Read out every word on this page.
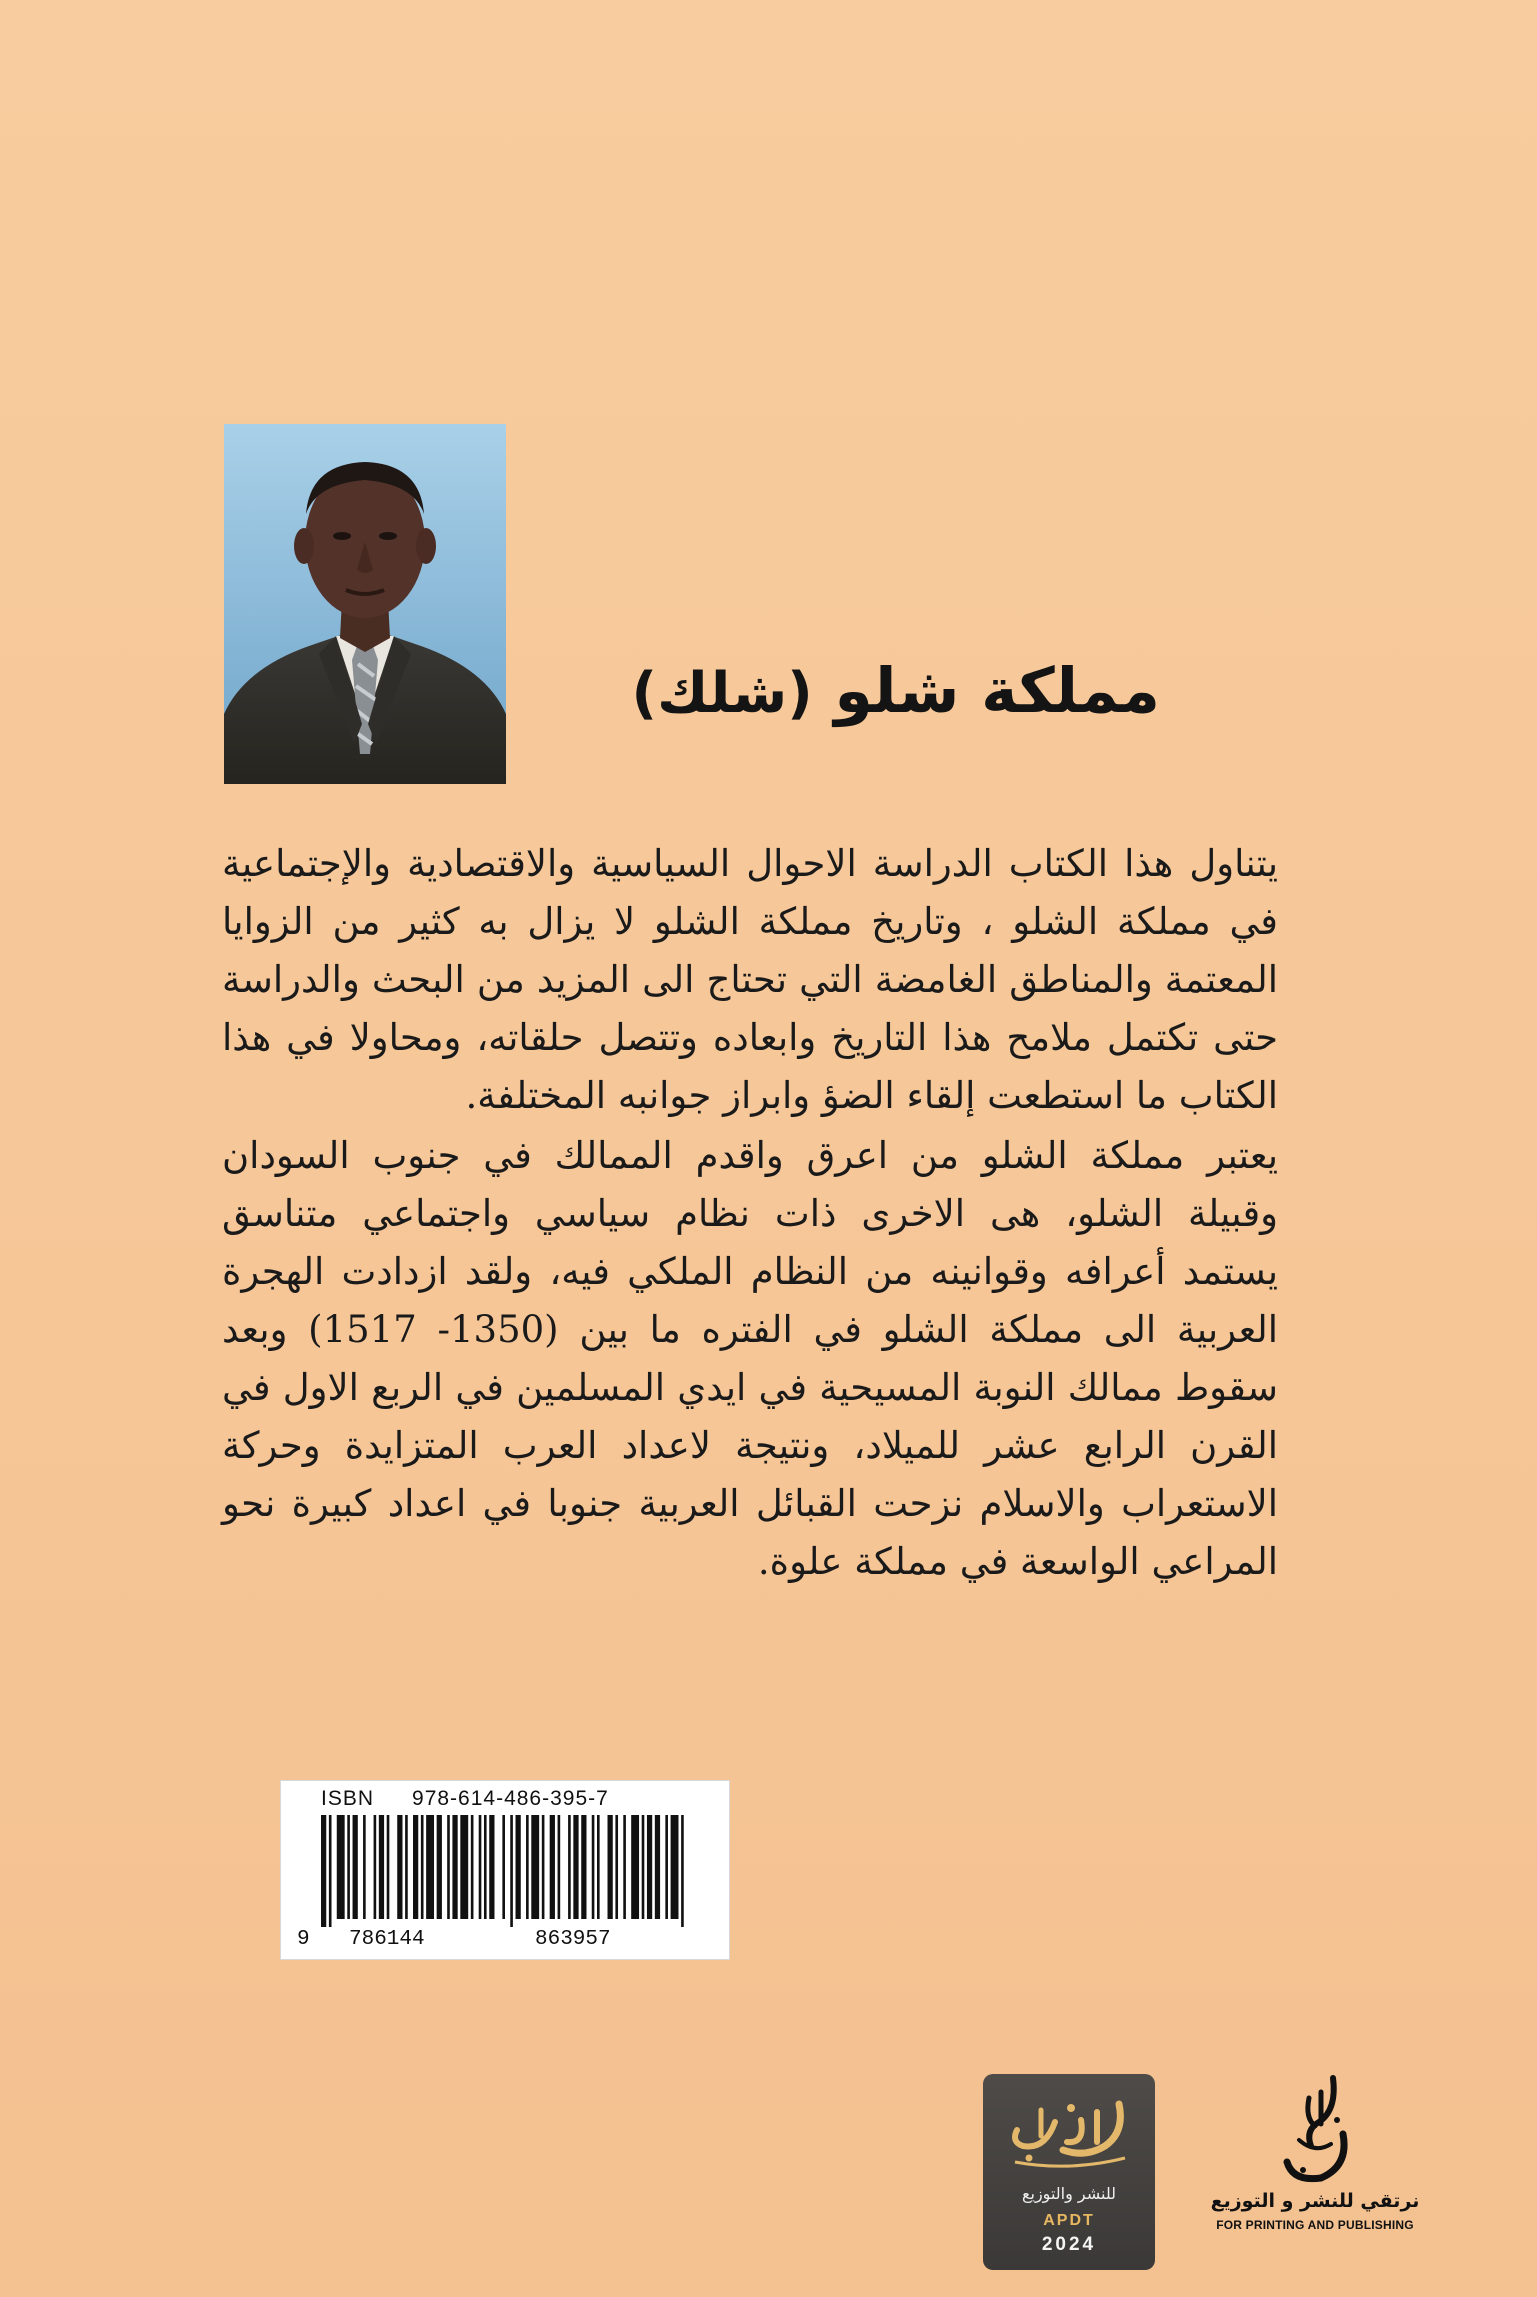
مملكة شلو (شلك)

يتناول هذا الكتاب الدراسة الاحوال السياسية والاقتصادية والإجتماعية في مملكة الشلو ، وتاريخ مملكة الشلو لا يزال به كثير من الزوايا المعتمة والمناطق الغامضة التي تحتاج الى المزيد من البحث والدراسة حتى تكتمل ملامح هذا التاريخ وابعاده وتتصل حلقاته، ومحاولا في هذا الكتاب ما استطعت إلقاء الضؤ وابراز جوانبه المختلفة.

يعتبر مملكة الشلو من اعرق واقدم الممالك في جنوب السودان وقبيلة الشلو، هى الاخرى ذات نظام سياسي واجتماعي متناسق يستمد أعرافه وقوانينه من النظام الملكي فيه، ولقد ازدادت الهجرة العربية الى مملكة الشلو في الفتره ما بين (1350- 1517) وبعد سقوط ممالك النوبة المسيحية في ايدي المسلمين في الربع الاول في القرن الرابع عشر للميلاد، ونتيجة لاعداد العرب المتزايدة وحركة الاستعراب والاسلام نزحت القبائل العربية جنوبا في اعداد كبيرة نحو المراعي الواسعة في مملكة علوة.

ISBN 978-614-486-395-7
9 786144	863957
للنشر والتوزيع
APDT
2024
نرتقي للنشر و التوزيع
FOR PRINTING AND PUBLISHING
